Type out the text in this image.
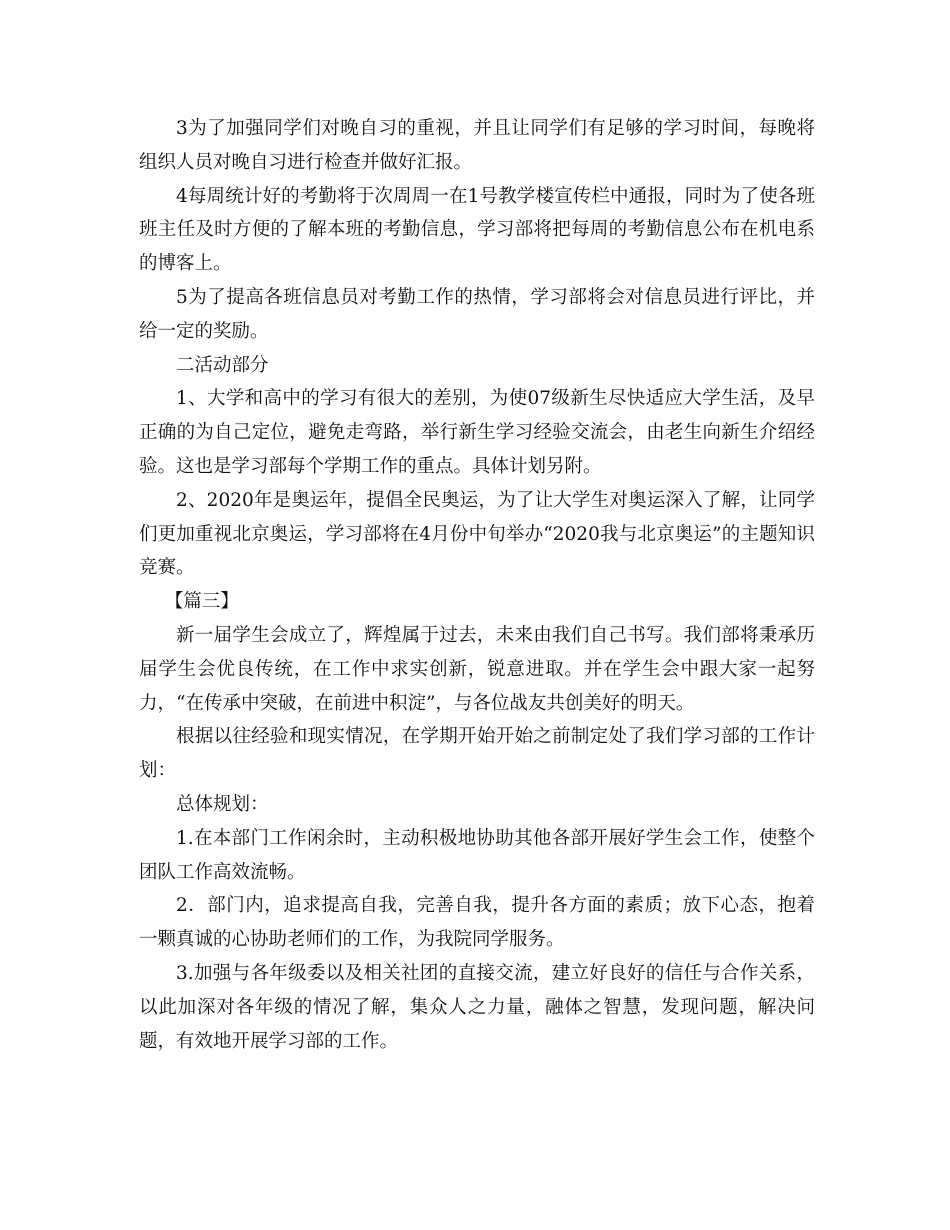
3为了加强同学们对晚自习的重视，并且让同学们有足够的学习时间，每晚将组织人员对晚自习进行检查并做好汇报。

4每周统计好的考勤将于次周周一在1号教学楼宣传栏中通报，同时为了使各班班主任及时方便的了解本班的考勤信息，学习部将把每周的考勤信息公布在机电系的博客上。

5为了提高各班信息员对考勤工作的热情，学习部将会对信息员进行评比，并给一定的奖励。

二活动部分

1、大学和高中的学习有很大的差别，为使07级新生尽快适应大学生活，及早正确的为自己定位，避免走弯路，举行新生学习经验交流会，由老生向新生介绍经验。这也是学习部每个学期工作的重点。具体计划另附。

2、2020年是奥运年，提倡全民奥运，为了让大学生对奥运深入了解，让同学们更加重视北京奥运，学习部将在4月份中旬举办“2020我与北京奥运”的主题知识竞赛。

【篇三】

新一届学生会成立了，辉煌属于过去，未来由我们自己书写。我们部将秉承历届学生会优良传统，在工作中求实创新，锐意进取。并在学生会中跟大家一起努力，“在传承中突破，在前进中积淀”，与各位战友共创美好的明天。

根据以往经验和现实情况，在学期开始开始之前制定处了我们学习部的工作计划：

总体规划：

1.在本部门工作闲余时，主动积极地协助其他各部开展好学生会工作，使整个团队工作高效流畅。

2．部门内，追求提高自我，完善自我，提升各方面的素质；放下心态，抱着一颗真诚的心协助老师们的工作，为我院同学服务。

3.加强与各年级委以及相关社团的直接交流，建立好良好的信任与合作关系，以此加深对各年级的情况了解，集众人之力量，融体之智慧，发现问题，解决问题，有效地开展学习部的工作。
